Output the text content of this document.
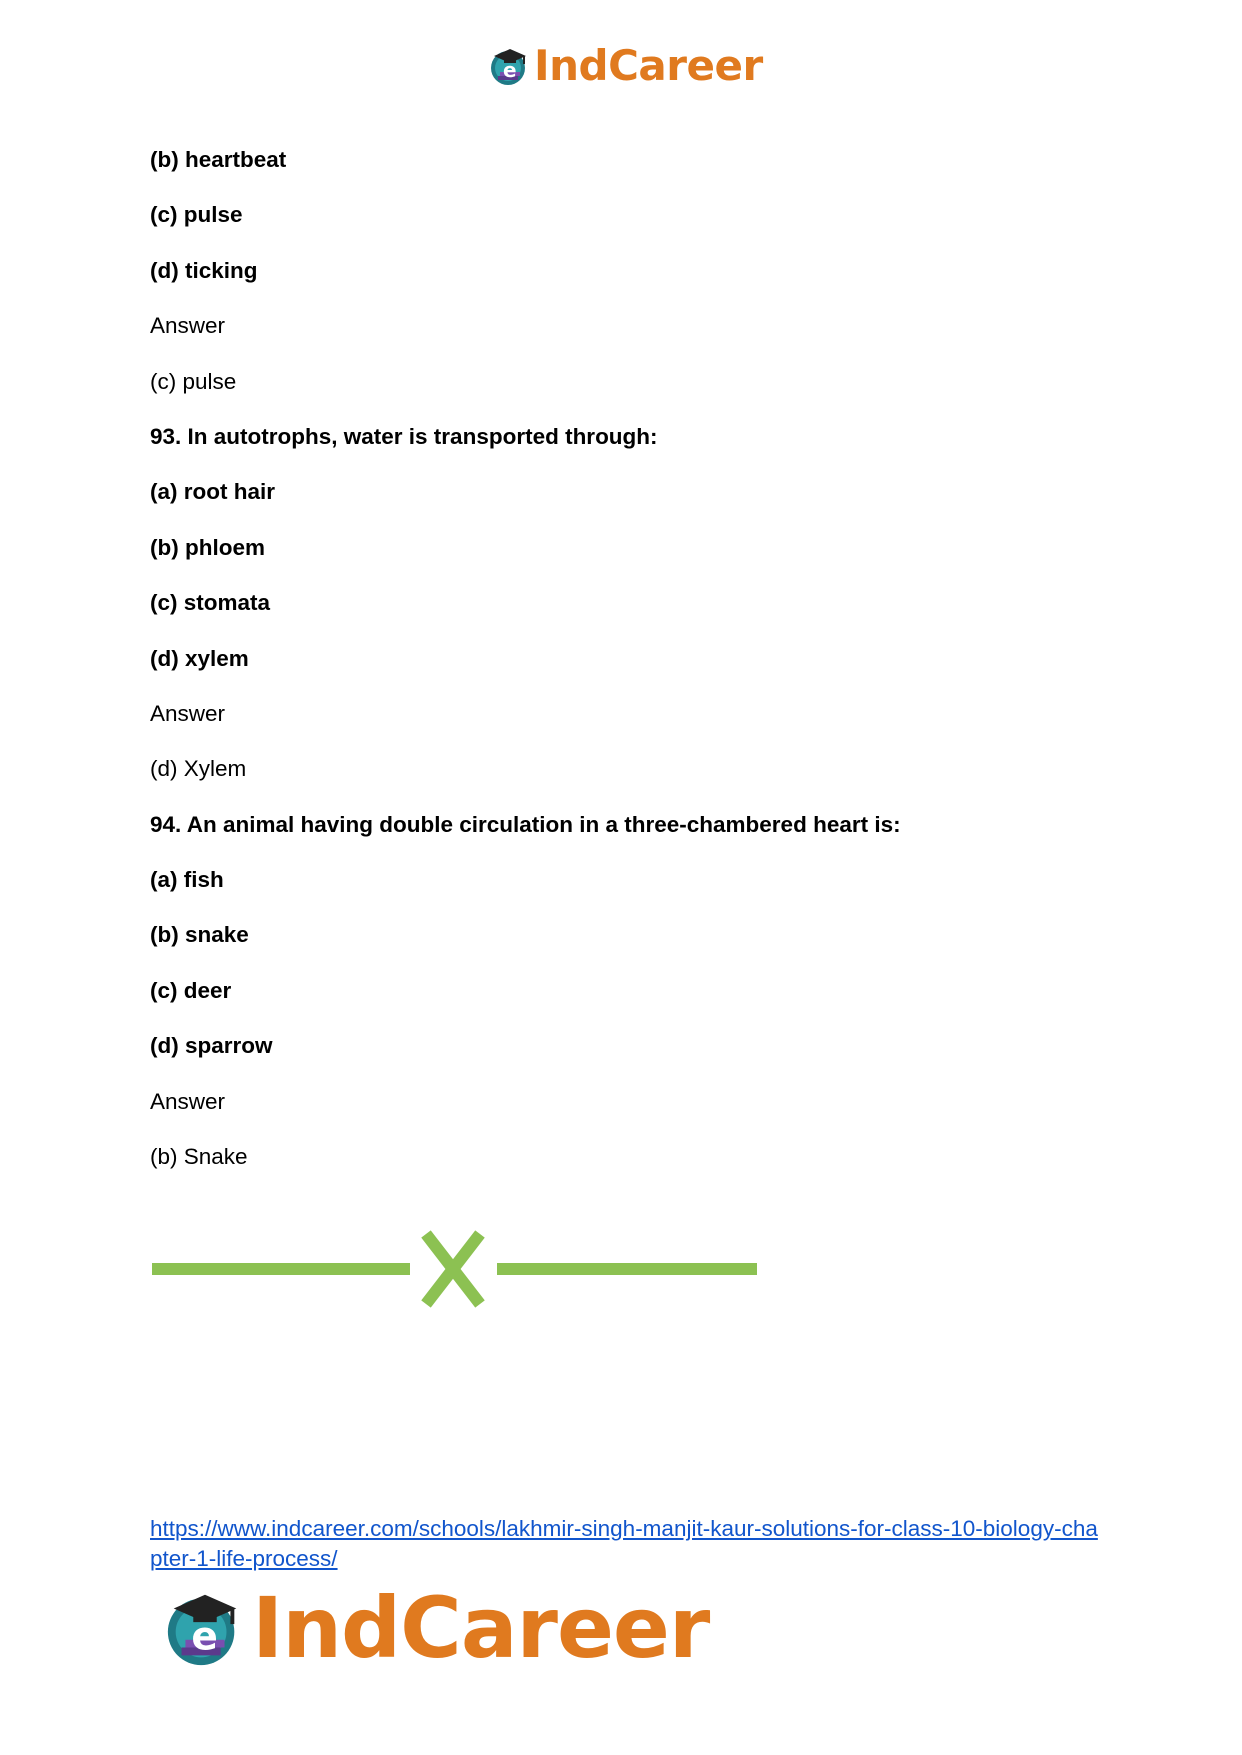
e IndCareer
(b) heartbeat
(c) pulse
(d) ticking
Answer
(c) pulse
93. In autotrophs, water is transported through:
(a) root hair
(b) phloem
(c) stomata
(d) xylem
Answer
(d) Xylem
94. An animal having double circulation in a three-chambered heart is:
(a) fish
(b) snake
(c) deer
(d) sparrow
Answer
(b) Snake
https://www.indcareer.com/schools/lakhmir-singh-manjit-kaur-solutions-for-class-10-biology-chapter-1-life-process/
e IndCareer
